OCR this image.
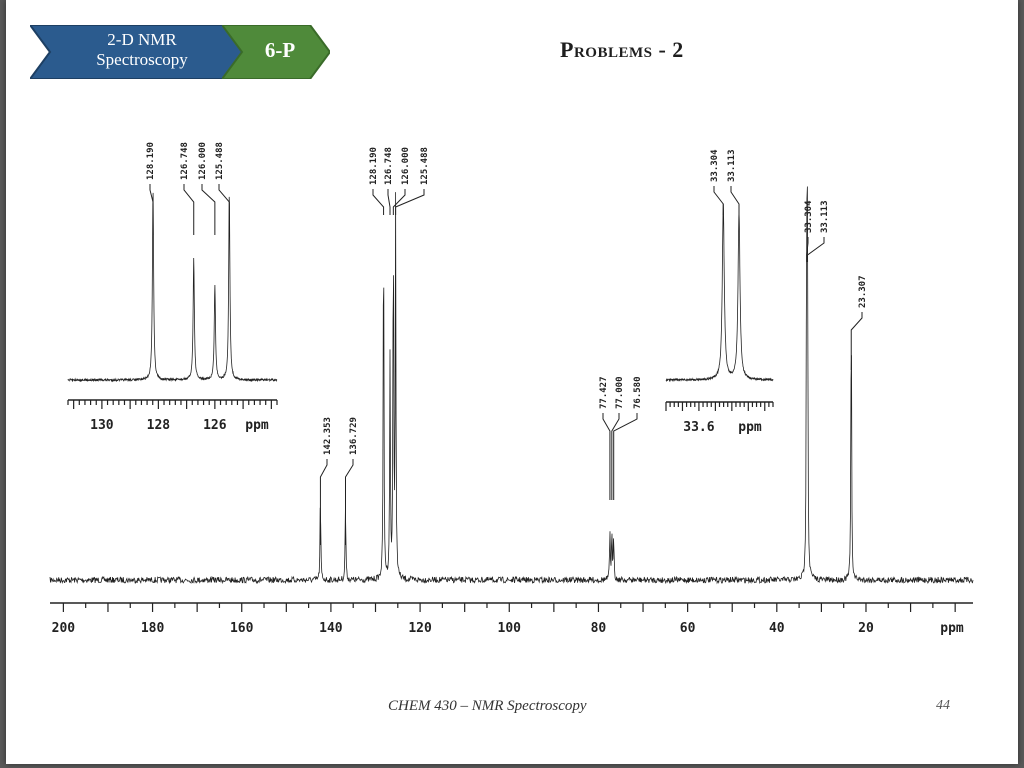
2-D NMR
Spectroscopy	6-P	Problems - 2
200	180	160	140	120	100	80	60	40	20	ppm
142.353 136.729
128.190 126.748 126.000 125.488
77.427 77.000 76.580
33.304 33.113
23.307
130	128	126 ppm
128.190	126.748 126.000 125.488
33.6 ppm
33.304 33.113
CHEM 430 – NMR Spectroscopy	44
